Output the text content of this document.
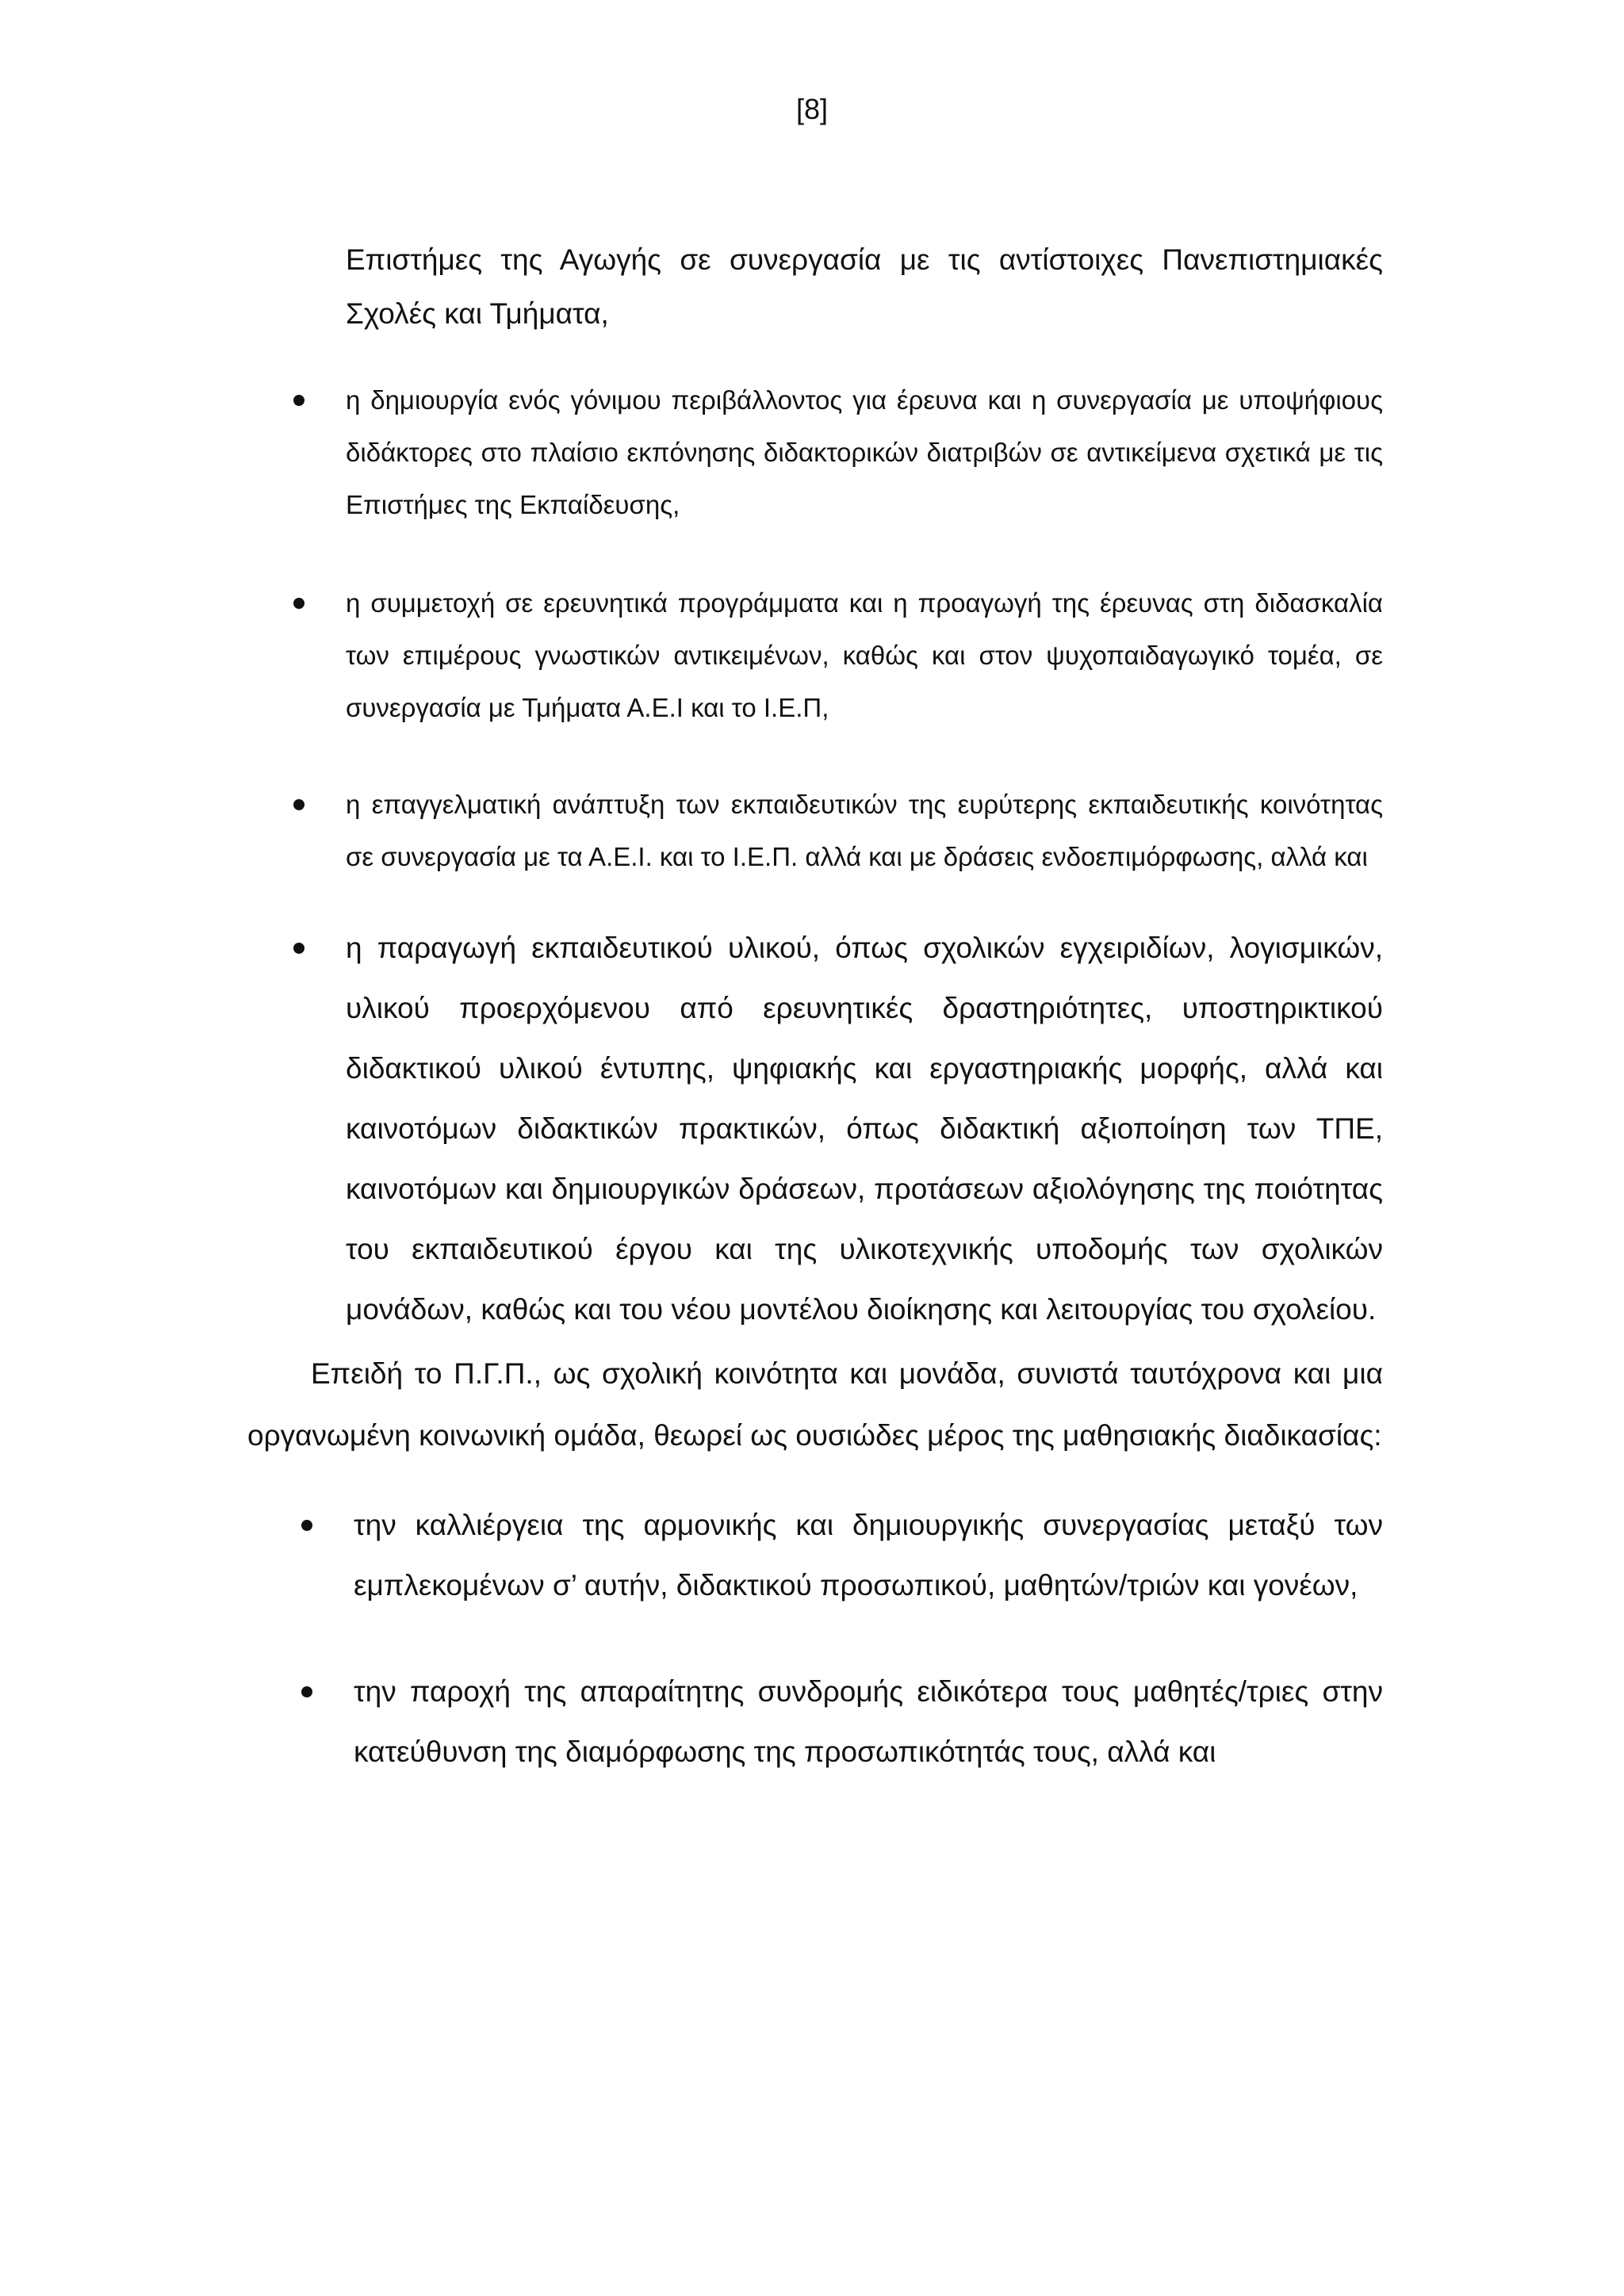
[8]
Επιστήμες της Αγωγής σε συνεργασία με τις αντίστοιχες Πανεπιστημιακές Σχολές και Τμήματα,
η δημιουργία ενός γόνιμου περιβάλλοντος για έρευνα και η συνεργασία με υποψήφιους διδάκτορες στο πλαίσιο εκπόνησης διδακτορικών διατριβών σε αντικείμενα σχετικά με τις Επιστήμες της Εκπαίδευσης,
η συμμετοχή σε ερευνητικά προγράμματα και η προαγωγή της έρευνας στη διδασκαλία των επιμέρους γνωστικών αντικειμένων, καθώς και στον ψυχοπαιδαγωγικό τομέα, σε συνεργασία με Τμήματα Α.Ε.Ι και το Ι.Ε.Π,
η επαγγελματική ανάπτυξη των εκπαιδευτικών της ευρύτερης εκπαιδευτικής κοινότητας σε συνεργασία με τα Α.Ε.Ι. και το Ι.Ε.Π. αλλά και με δράσεις ενδοεπιμόρφωσης, αλλά και
η παραγωγή εκπαιδευτικού υλικού, όπως σχολικών εγχειριδίων, λογισμικών, υλικού προερχόμενου από ερευνητικές δραστηριότητες, υποστηρικτικού διδακτικού υλικού έντυπης, ψηφιακής και εργαστηριακής μορφής, αλλά και καινοτόμων διδακτικών πρακτικών, όπως διδακτική αξιοποίηση των ΤΠΕ, καινοτόμων και δημιουργικών δράσεων, προτάσεων αξιολόγησης της ποιότητας του εκπαιδευτικού έργου και της υλικοτεχνικής υποδομής των σχολικών μονάδων, καθώς και του νέου μοντέλου διοίκησης και λειτουργίας του σχολείου.

Επειδή το Π.Γ.Π., ως σχολική κοινότητα και μονάδα, συνιστά ταυτόχρονα και μια οργανωμένη κοινωνική ομάδα, θεωρεί ως ουσιώδες μέρος της μαθησιακής διαδικασίας:

την καλλιέργεια της αρμονικής και δημιουργικής συνεργασίας μεταξύ των εμπλεκομένων σ’ αυτήν, διδακτικού προσωπικού, μαθητών/τριών και γονέων,
την παροχή της απαραίτητης συνδρομής ειδικότερα τους μαθητές/τριες στην κατεύθυνση της διαμόρφωσης της προσωπικότητάς τους, αλλά και
